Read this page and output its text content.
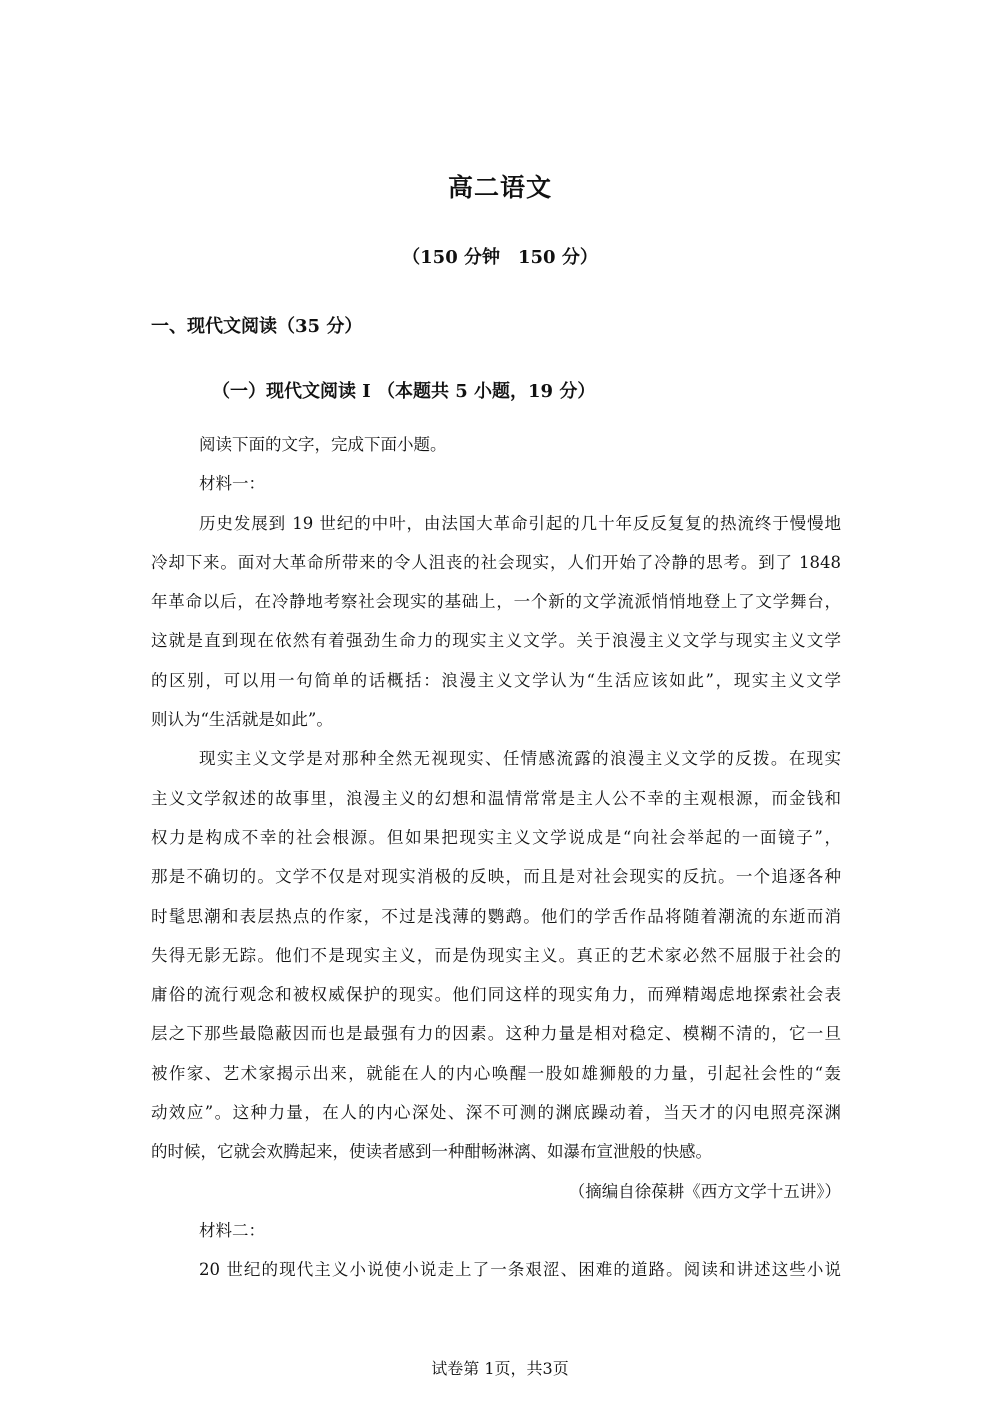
高二语文
（150 分钟　150 分）
一、现代文阅读（35 分）
（一）现代文阅读 I （本题共 5 小题，19 分）
阅读下面的文字，完成下面小题。
材料一：
历史发展到 19 世纪的中叶，由法国大革命引起的几十年反反复复的热流终于慢慢地
冷却下来。面对大革命所带来的令人沮丧的社会现实，人们开始了冷静的思考。到了 1848
年革命以后，在冷静地考察社会现实的基础上，一个新的文学流派悄悄地登上了文学舞台，
这就是直到现在依然有着强劲生命力的现实主义文学。关于浪漫主义文学与现实主义文学
的区别，可以用一句简单的话概括：浪漫主义文学认为“生活应该如此”，现实主义文学
则认为“生活就是如此”。
现实主义文学是对那种全然无视现实、任情感流露的浪漫主义文学的反拨。在现实
主义文学叙述的故事里，浪漫主义的幻想和温情常常是主人公不幸的主观根源，而金钱和
权力是构成不幸的社会根源。但如果把现实主义文学说成是“向社会举起的一面镜子”，
那是不确切的。文学不仅是对现实消极的反映，而且是对社会现实的反抗。一个追逐各种
时髦思潮和表层热点的作家，不过是浅薄的鹦鹉。他们的学舌作品将随着潮流的东逝而消
失得无影无踪。他们不是现实主义，而是伪现实主义。真正的艺术家必然不屈服于社会的
庸俗的流行观念和被权威保护的现实。他们同这样的现实角力，而殚精竭虑地探索社会表
层之下那些最隐蔽因而也是最强有力的因素。这种力量是相对稳定、模糊不清的，它一旦
被作家、艺术家揭示出来，就能在人的内心唤醒一股如雄狮般的力量，引起社会性的“轰
动效应”。这种力量，在人的内心深处、深不可测的渊底躁动着，当天才的闪电照亮深渊
的时候，它就会欢腾起来，使读者感到一种酣畅淋漓、如瀑布宣泄般的快感。
（摘编自徐葆耕《西方文学十五讲》）
材料二：
20 世纪的现代主义小说使小说走上了一条艰涩、困难的道路。阅读和讲述这些小说
试卷第 1页，共3页
